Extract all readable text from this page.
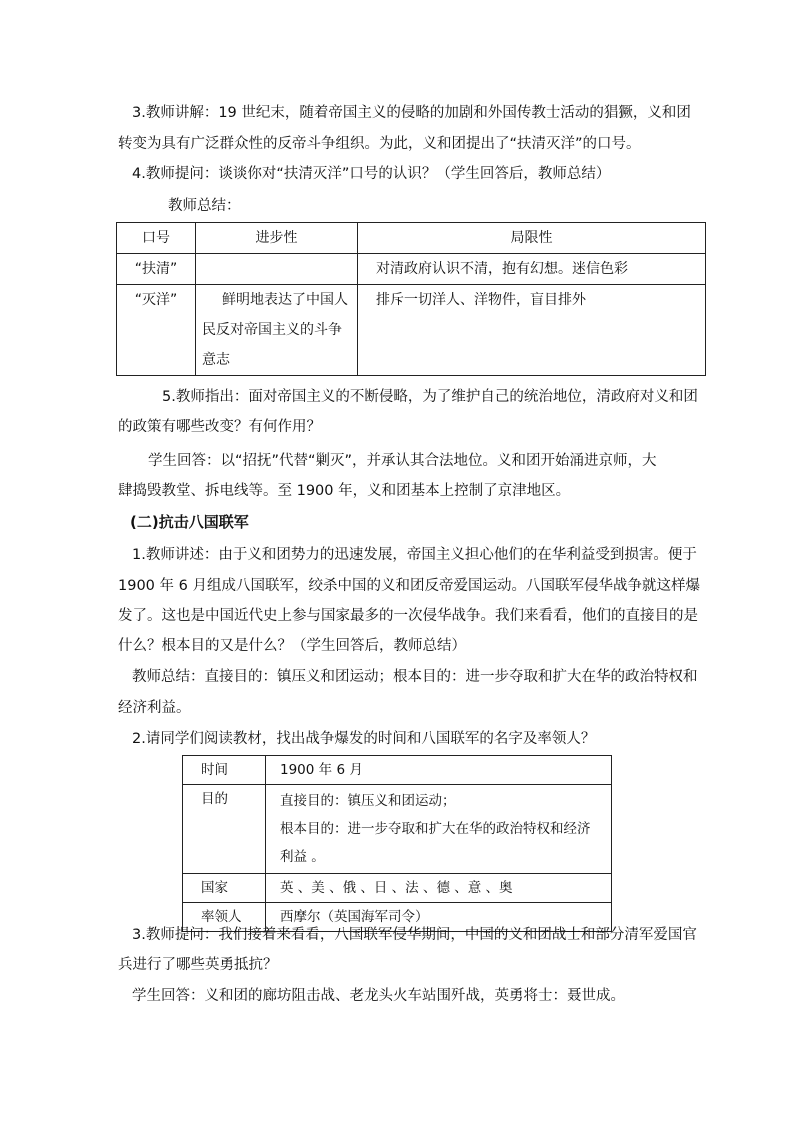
3.教师讲解：19 世纪末，随着帝国主义的侵略的加剧和外国传教士活动的猖獗，义和团
转变为具有广泛群众性的反帝斗争组织。为此，义和团提出了“扶清灭洋”的口号。
4.教师提问：谈谈你对“扶清灭洋”口号的认识？（学生回答后，教师总结）
教师总结：
口号	进步性	局限性
“扶清”		对清政府认识不清，抱有幻想。迷信色彩
“灭洋”	鲜明地表达了中国人
民反对帝国主义的斗争
意志	排斥一切洋人、洋物件，盲目排外
5.教师指出：面对帝国主义的不断侵略，为了维护自己的统治地位，清政府对义和团
的政策有哪些改变？有何作用？
学生回答：以“招抚”代替“剿灭”，并承认其合法地位。义和团开始涌进京师，大
肆捣毁教堂、拆电线等。至 1900 年，义和团基本上控制了京津地区。
(二)抗击八国联军
1.教师讲述：由于义和团势力的迅速发展，帝国主义担心他们的在华利益受到损害。便于
1900 年 6 月组成八国联军，绞杀中国的义和团反帝爱国运动。八国联军侵华战争就这样爆
发了。这也是中国近代史上参与国家最多的一次侵华战争。我们来看看，他们的直接目的是
什么？根本目的又是什么？（学生回答后，教师总结）
教师总结：直接目的：镇压义和团运动；根本目的：进一步夺取和扩大在华的政治特权和
经济利益。
2.请同学们阅读教材，找出战争爆发的时间和八国联军的名字及率领人？
时间	1900 年 6 月
目的	直接目的：镇压义和团运动；
根本目的：进一步夺取和扩大在华的政治特权和经济利益 。

国家	英 、美 、俄 、日 、法 、德 、意 、奥
率领人	西摩尔（英国海军司令）
3.教师提问：我们接着来看看，八国联军侵华期间，中国的义和团战士和部分清军爱国官
兵进行了哪些英勇抵抗？
学生回答：义和团的廊坊阻击战、老龙头火车站围歼战，英勇将士：聂世成。
